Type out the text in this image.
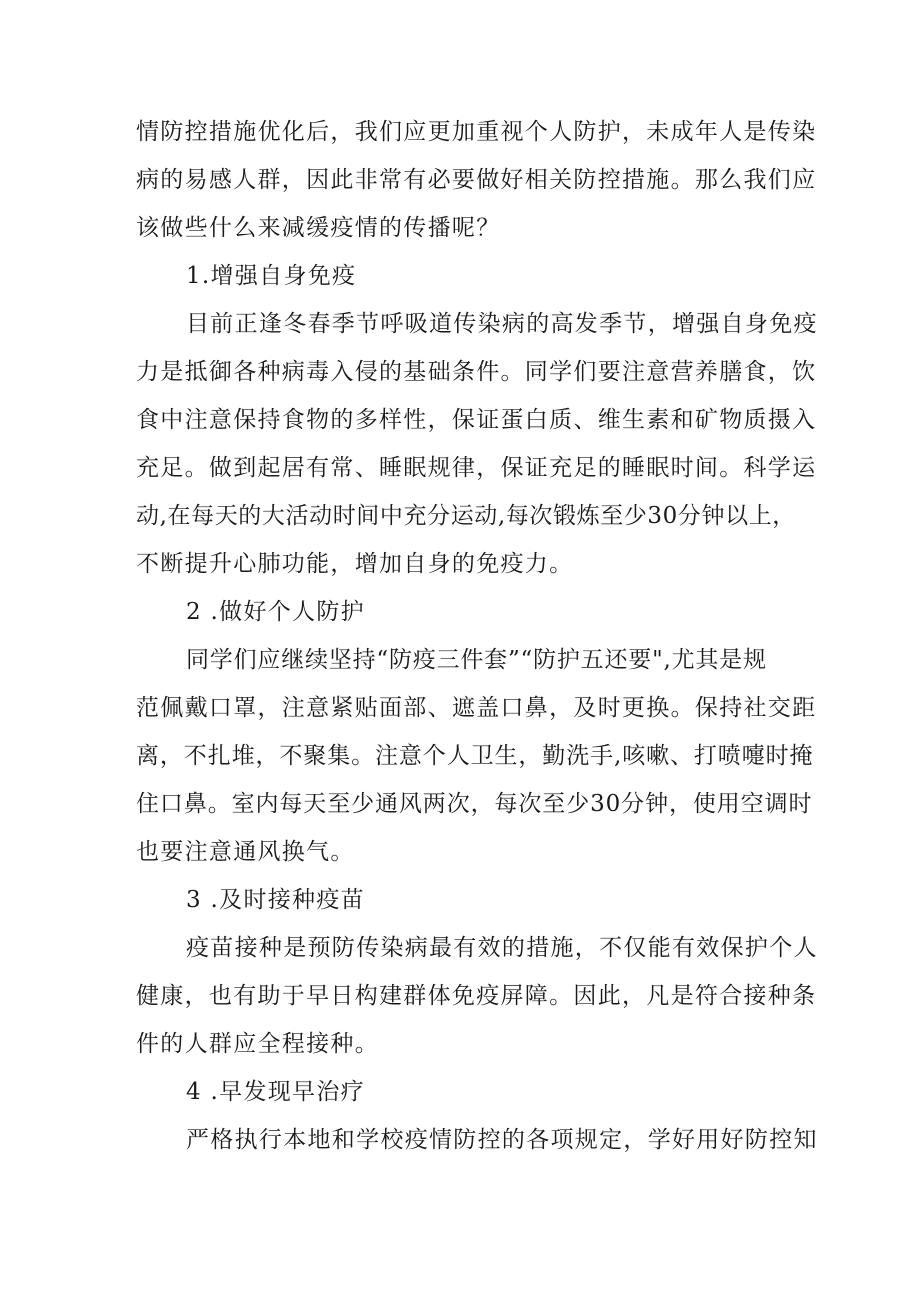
情防控措施优化后，我们应更加重视个人防护，未成年人是传染
病的易感人群，因此非常有必要做好相关防控措施。那么我们应
该做些什么来减缓疫情的传播呢？
1.增强自身免疫
目前正逢冬春季节呼吸道传染病的高发季节，增强自身免疫
力是抵御各种病毒入侵的基础条件。同学们要注意营养膳食，饮
食中注意保持食物的多样性，保证蛋白质、维生素和矿物质摄入
充足。做到起居有常、睡眠规律，保证充足的睡眠时间。科学运
动,在每天的大活动时间中充分运动,每次锻炼至少30分钟以上，
不断提升心肺功能，增加自身的免疫力。
2 .做好个人防护
同学们应继续坚持“防疫三件套”“防护五还要",尤其是规
范佩戴口罩，注意紧贴面部、遮盖口鼻，及时更换。保持社交距
离，不扎堆，不聚集。注意个人卫生，勤洗手,咳嗽、打喷嚏时掩
住口鼻。室内每天至少通风两次，每次至少30分钟，使用空调时
也要注意通风换气。
3 .及时接种疫苗
疫苗接种是预防传染病最有效的措施，不仅能有效保护个人
健康，也有助于早日构建群体免疫屏障。因此，凡是符合接种条
件的人群应全程接种。
4 .早发现早治疗
严格执行本地和学校疫情防控的各项规定，学好用好防控知
